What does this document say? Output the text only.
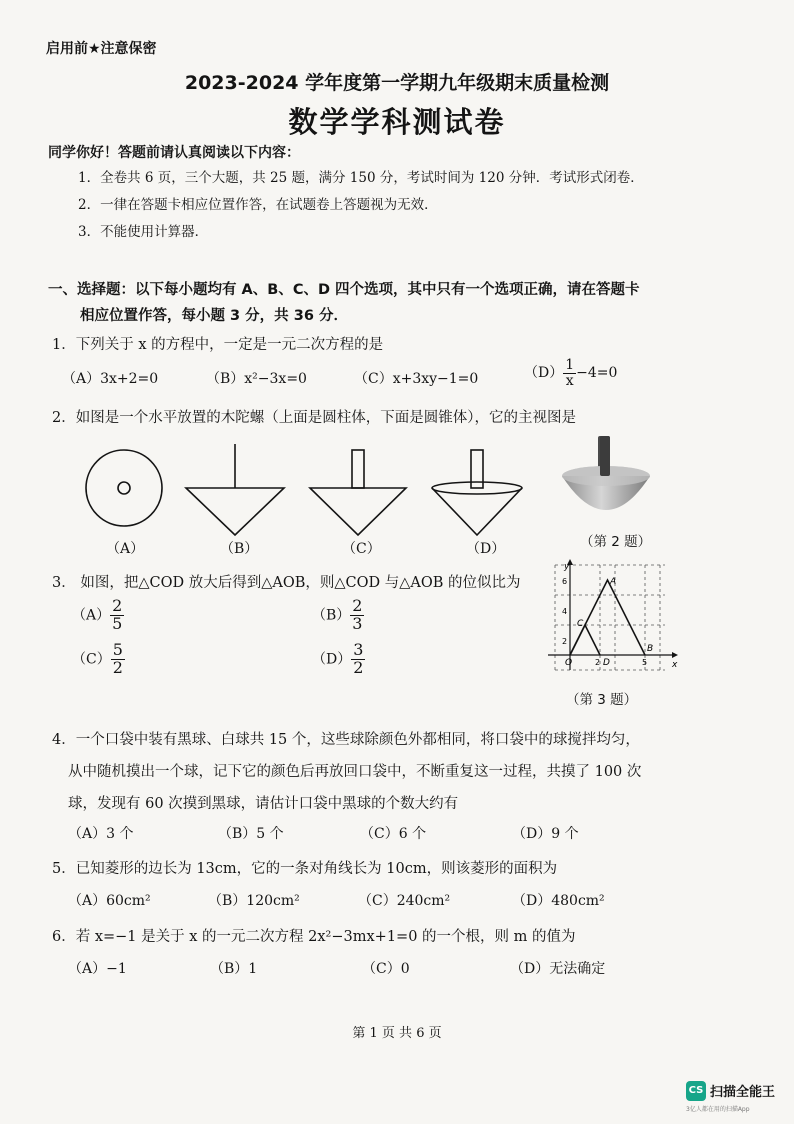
启用前★注意保密
2023-2024 学年度第一学期九年级期末质量检测
数学学科测试卷
同学你好！答题前请认真阅读以下内容：
1．全卷共 6 页，三个大题，共 25 题，满分 150 分，考试时间为 120 分钟．考试形式闭卷．
2．一律在答题卡相应位置作答，在试题卷上答题视为无效．
3．不能使用计算器．
一、选择题：以下每小题均有 A、B、C、D 四个选项，其中只有一个选项正确，请在答题卡
相应位置作答，每小题 3 分，共 36 分．
1．下列关于 x 的方程中，一定是一元二次方程的是
（A）3x+2=0	（B）x²−3x=0	（C）x+3xy−1=0	$(D) \frac{1}{x} -4=0$
2．如图是一个水平放置的木陀螺（上面是圆柱体，下面是圆锥体），它的主视图是
（A）	（B）	（C）	（D）	（第 2 题）
3． 如图，把△COD 放大后得到△AOB，则△COD 与△AOB 的位似比为
$(A) \frac{2}{5}$	$(B) \frac{2}{3}$
$(C) \frac{5}{2}$	$(D) \frac{3}{2}$
y
x
6
4
2
2	5
O
A
B
C
D
（第 3 题）
4．一个口袋中装有黑球、白球共 15 个，这些球除颜色外都相同，将口袋中的球搅拌均匀，
从中随机摸出一个球，记下它的颜色后再放回口袋中，不断重复这一过程，共摸了 100 次
球，发现有 60 次摸到黑球，请估计口袋中黑球的个数大约有
（A）3 个	（B）5 个	（C）6 个	（D）9 个
5．已知菱形的边长为 13cm，它的一条对角线长为 10cm，则该菱形的面积为
（A）60cm²	（B）120cm²	（C）240cm²	（D）480cm²
6．若 x=−1 是关于 x 的一元二次方程 2x²−3mx+1=0 的一个根，则 m 的值为
（A）−1	（B）1	（C）0	（D）无法确定
第 1 页 共 6 页
CS 扫描全能王
3亿人都在用的扫描App
